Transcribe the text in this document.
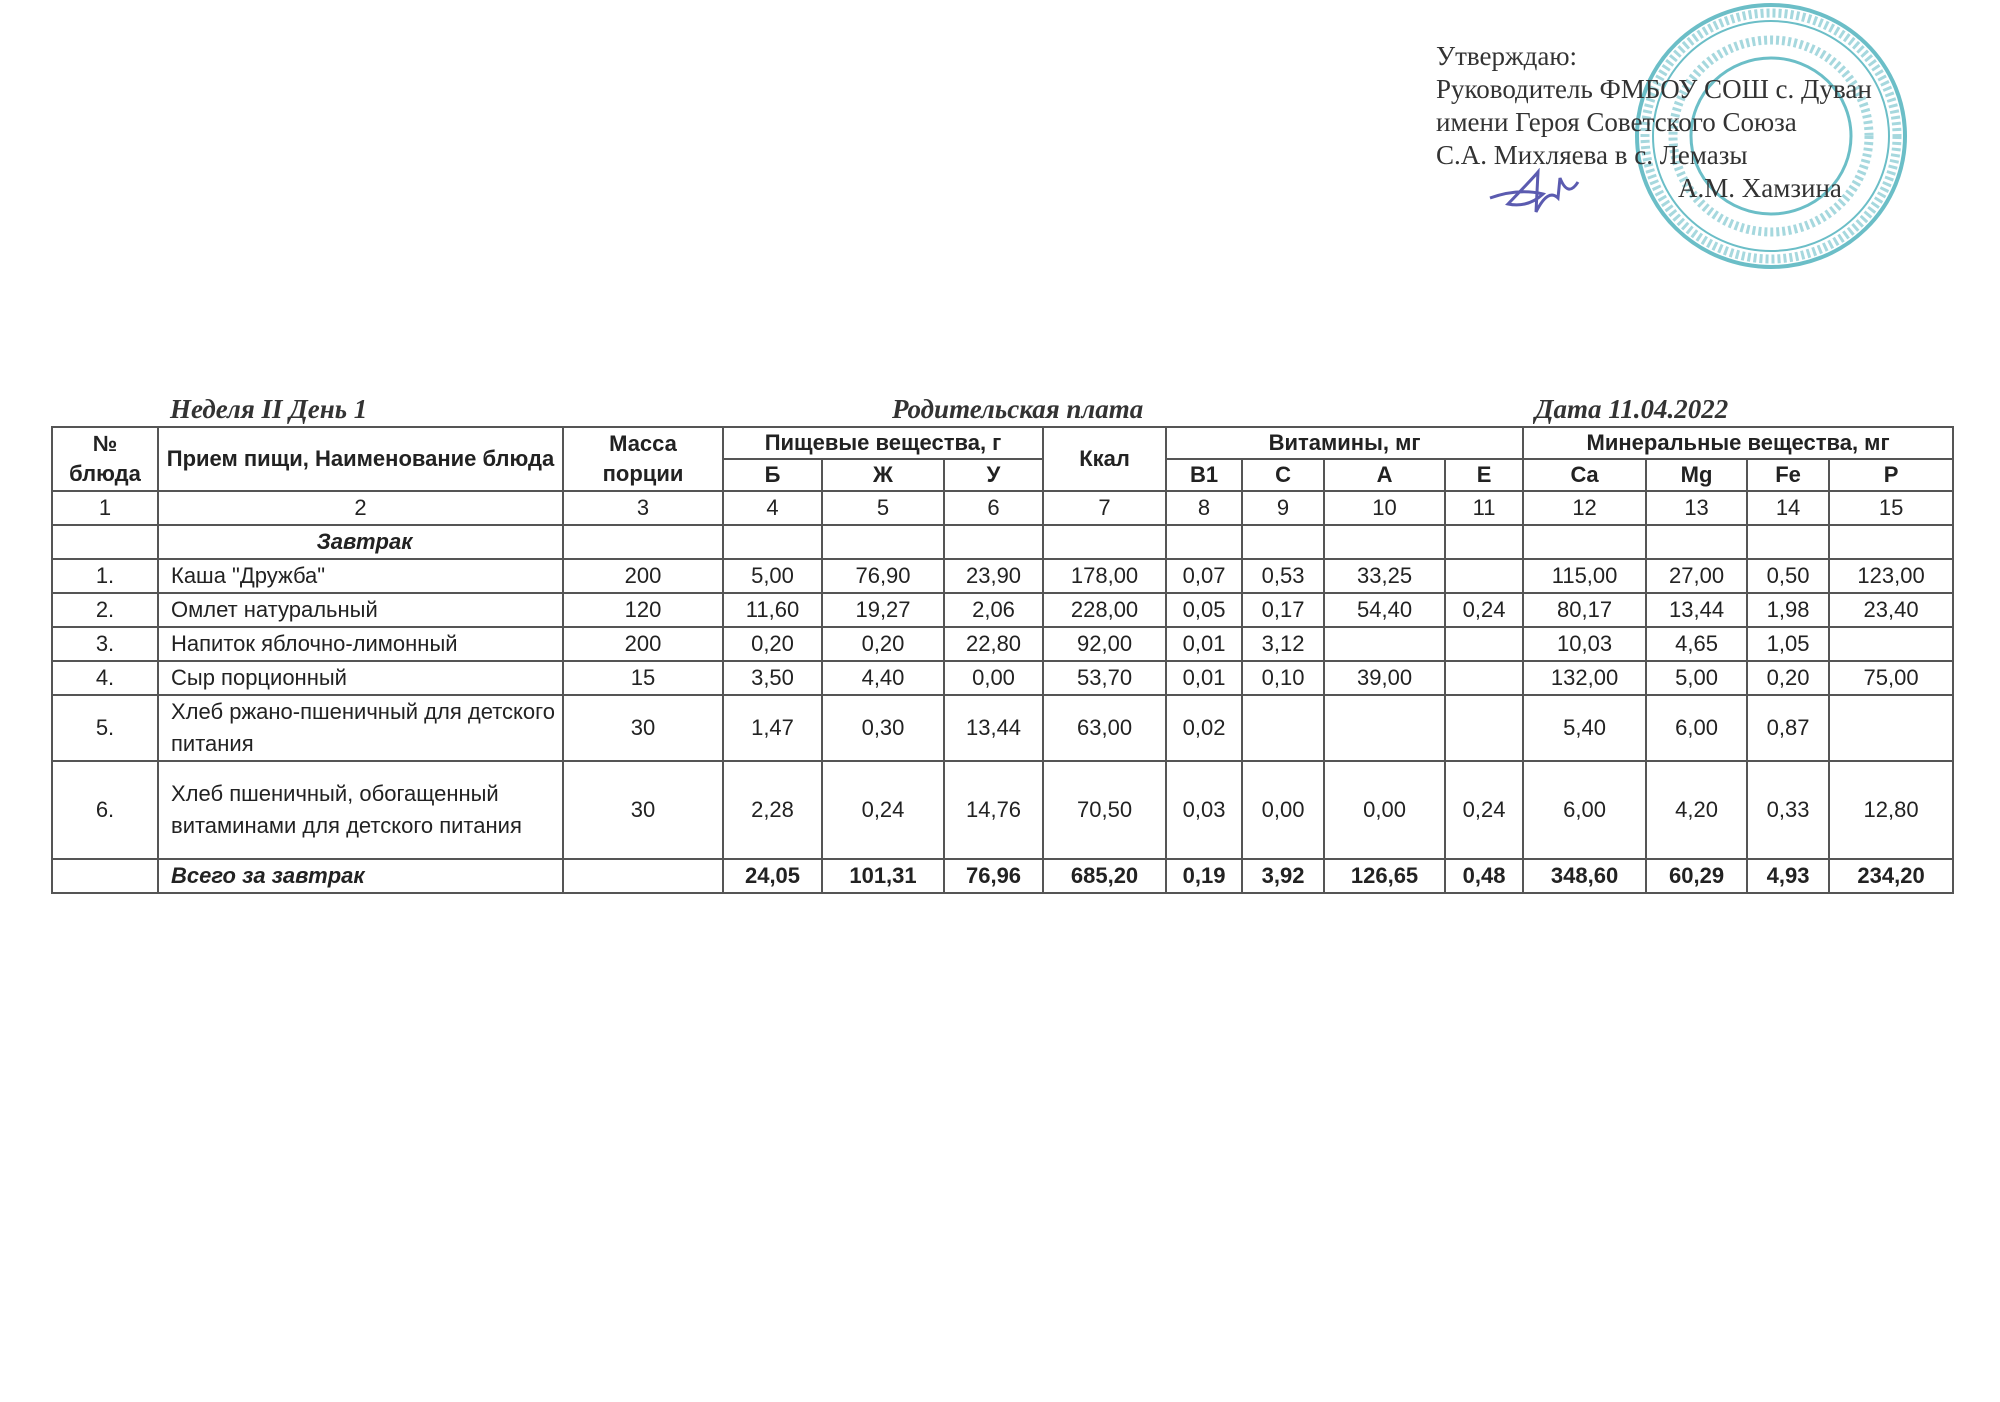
Утверждаю:
Руководитель ФМБОУ СОШ с. Дуван
имени Героя Советского Союза
С.А. Михляева в с. Лемазы
А.М. Хамзина
Неделя II День 1	Родительская плата	Дата 11.04.2022
№ блюда	Прием пищи, Наименование блюда	Масса порции	Пищевые вещества, г			Ккал	Витамины, мг				Минеральные вещества, мг			
			Б	Ж	У		B1	C	A	E	Ca	Mg	Fe	P
1	2	3	4	5	6	7	8	9	10	11	12	13	14	15
	Завтрак													
1.	Каша "Дружба"	200	5,00	76,90	23,90	178,00	0,07	0,53	33,25		115,00	27,00	0,50	123,00
2.	Омлет натуральный	120	11,60	19,27	2,06	228,00	0,05	0,17	54,40	0,24	80,17	13,44	1,98	23,40
3.	Напиток яблочно-лимонный	200	0,20	0,20	22,80	92,00	0,01	3,12			10,03	4,65	1,05	
4.	Сыр порционный	15	3,50	4,40	0,00	53,70	0,01	0,10	39,00		132,00	5,00	0,20	75,00
5.	Хлеб ржано-пшеничный для детского питания	30	1,47	0,30	13,44	63,00	0,02				5,40	6,00	0,87	
6.	Хлеб пшеничный, обогащенный витаминами для детского питания	30	2,28	0,24	14,76	70,50	0,03	0,00	0,00	0,24	6,00	4,20	0,33	12,80
	Всего за завтрак		24,05	101,31	76,96	685,20	0,19	3,92	126,65	0,48	348,60	60,29	4,93	234,20
